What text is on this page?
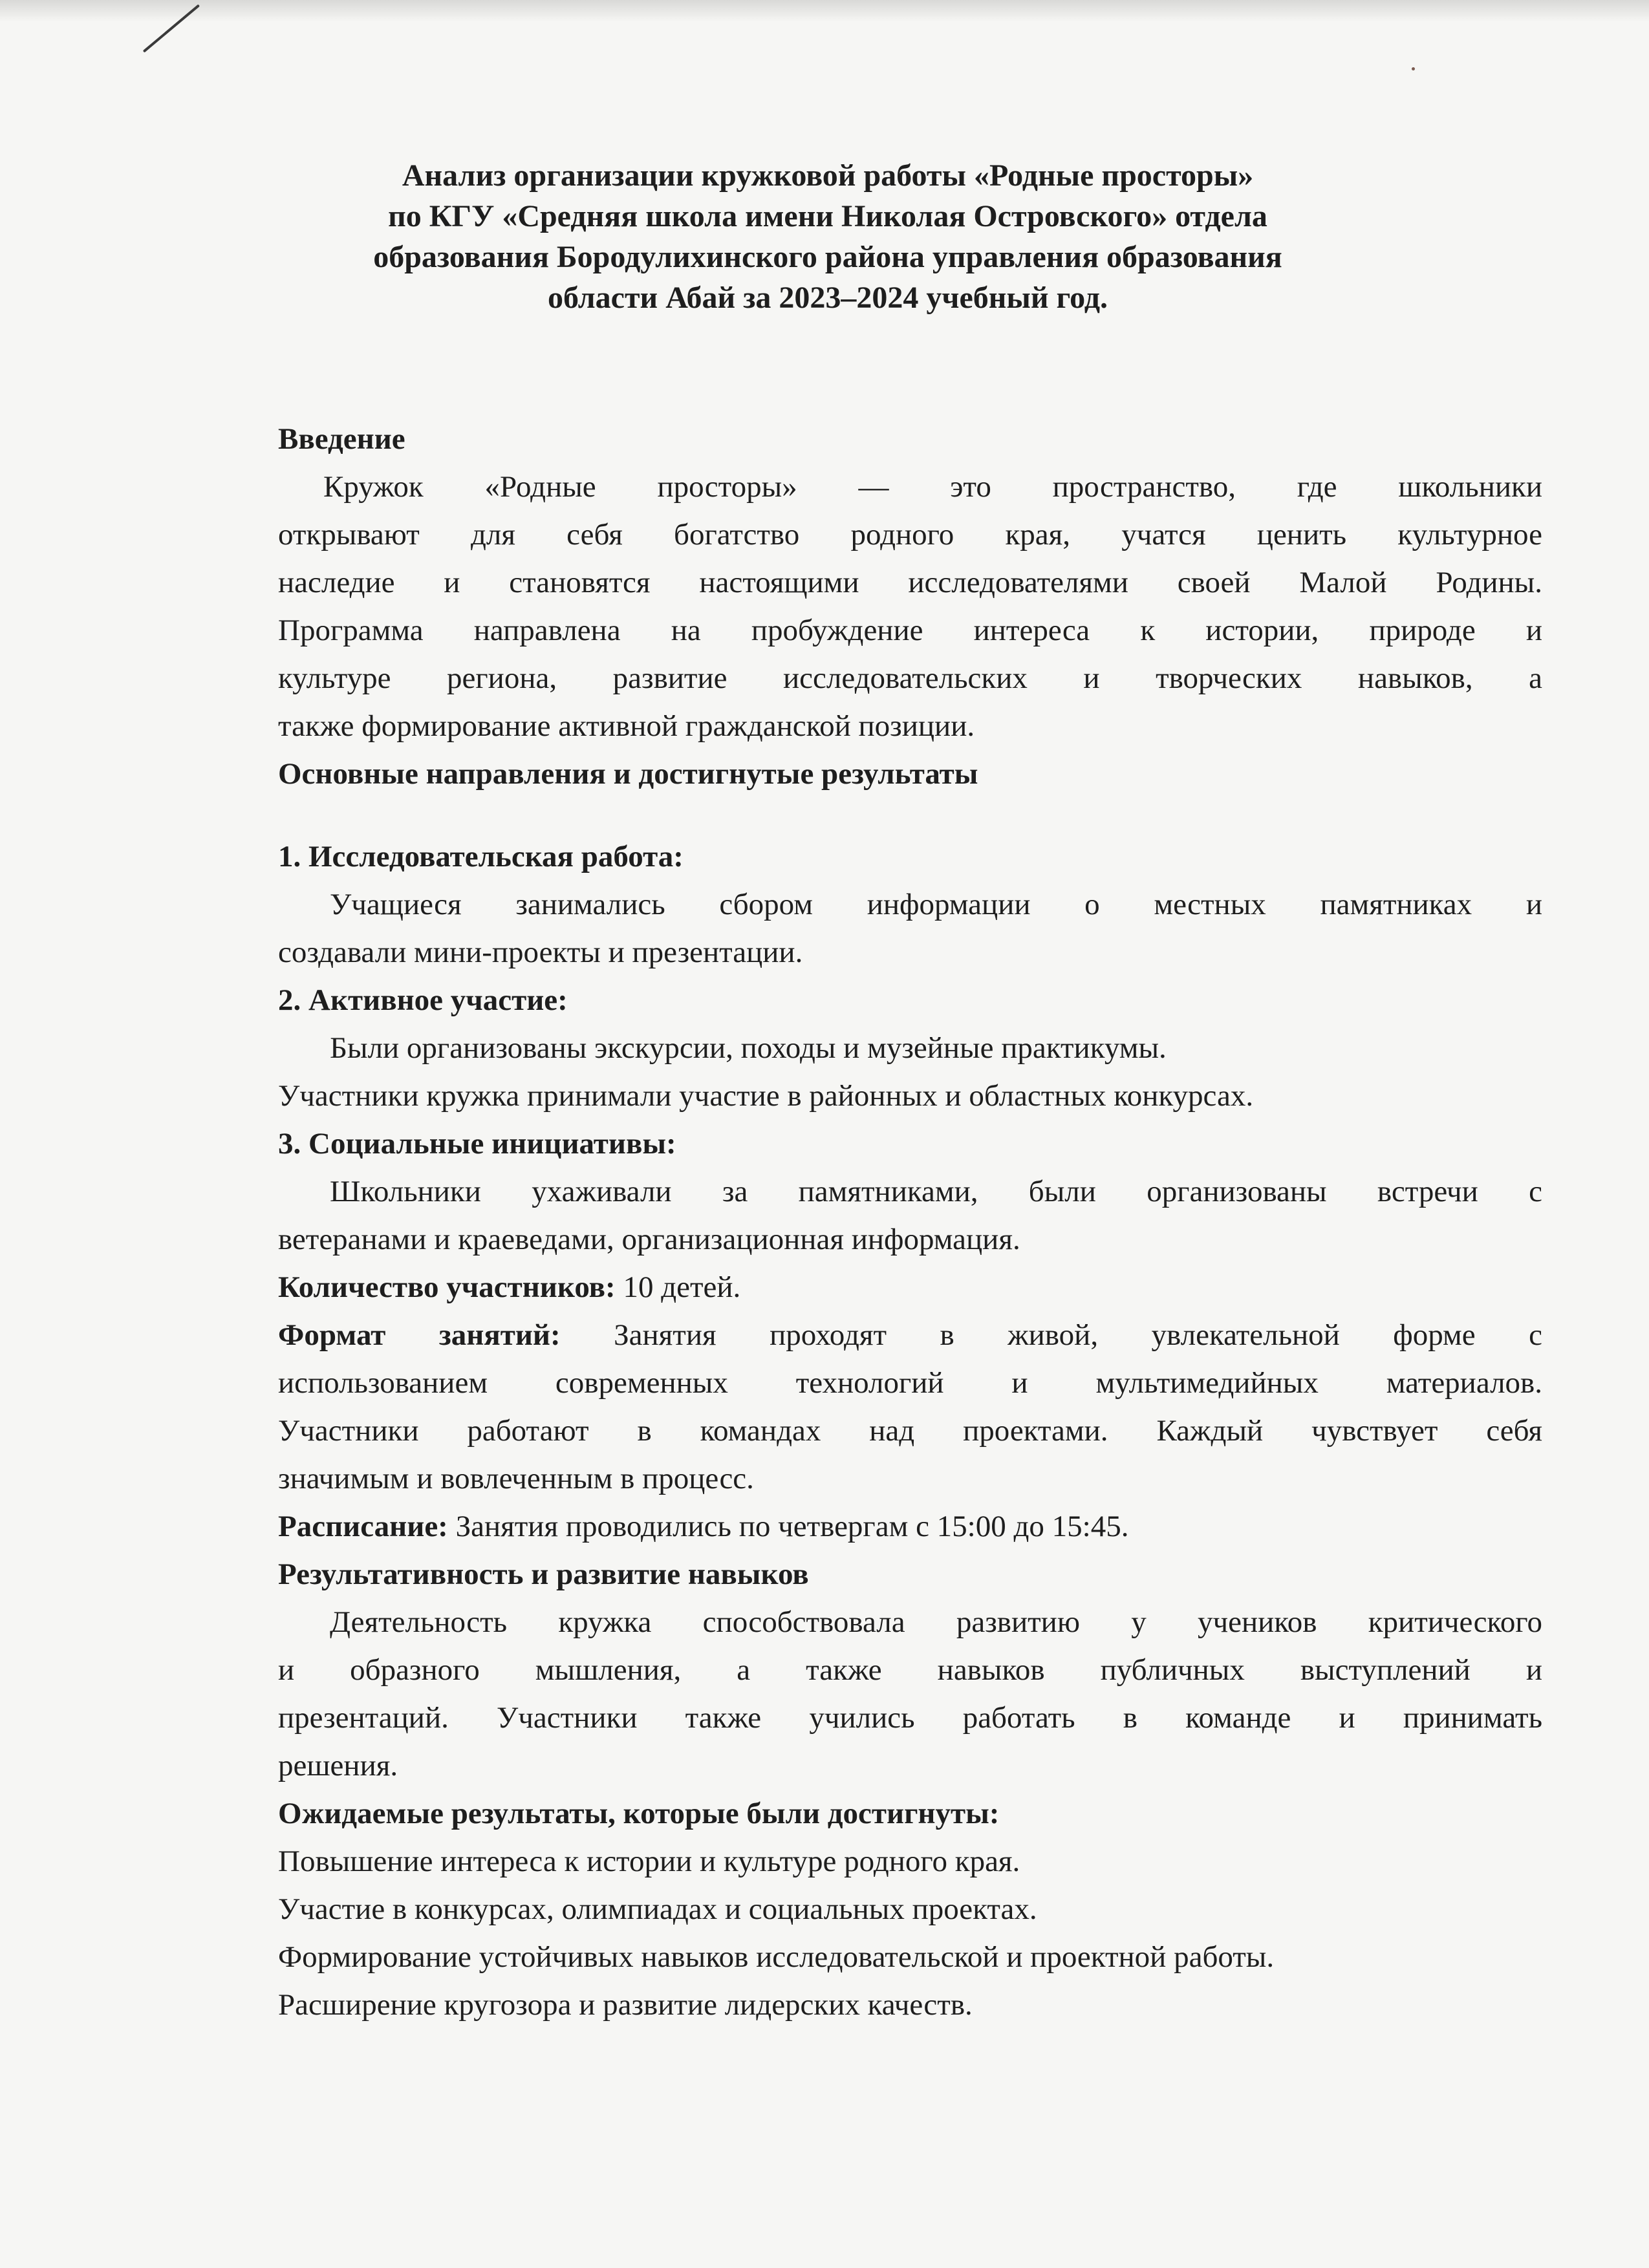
Анализ организации кружковой работы «Родные просторы»
по КГУ «Средняя школа имени Николая Островского» отдела
образования Бородулихинского района управления образования
области Абай за 2023–2024 учебный год.
Введение
Кружок «Родные просторы» — это пространство, где школьники
открывают для себя богатство родного края, учатся ценить культурное
наследие и становятся настоящими исследователями своей Малой Родины.
Программа направлена на пробуждение интереса к истории, природе и
культуре региона, развитие исследовательских и творческих навыков, а
также формирование активной гражданской позиции.
Основные направления и достигнутые результаты
1. Исследовательская работа:
Учащиеся занимались сбором информации о местных памятниках и
создавали мини-проекты и презентации.
2. Активное участие:
Были организованы экскурсии, походы и музейные практикумы.
Участники кружка принимали участие в районных и областных конкурсах.
3. Социальные инициативы:
Школьники ухаживали за памятниками, были организованы встречи с
ветеранами и краеведами, организационная информация.
Количество участников: 10 детей.
Формат занятий: Занятия проходят в живой, увлекательной форме с
использованием современных технологий и мультимедийных материалов.
Участники работают в командах над проектами. Каждый чувствует себя
значимым и вовлеченным в процесс.
Расписание: Занятия проводились по четвергам с 15:00 до 15:45.
Результативность и развитие навыков
Деятельность кружка способствовала развитию у учеников критического
и образного мышления, а также навыков публичных выступлений и
презентаций. Участники также учились работать в команде и принимать
решения.
Ожидаемые результаты, которые были достигнуты:
Повышение интереса к истории и культуре родного края.
Участие в конкурсах, олимпиадах и социальных проектах.
Формирование устойчивых навыков исследовательской и проектной работы.
Расширение кругозора и развитие лидерских качеств.
